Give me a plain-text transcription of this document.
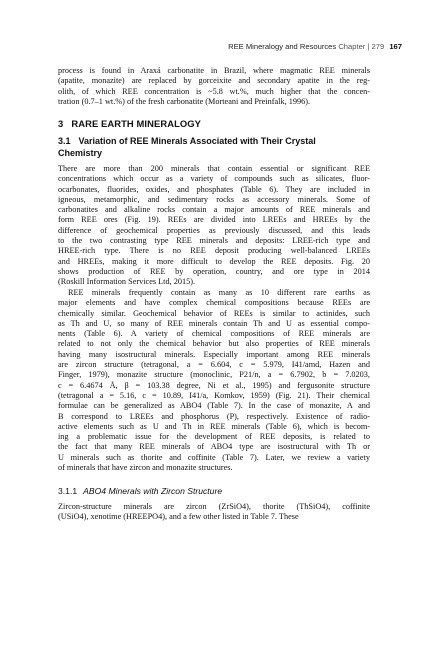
REE Mineralogy and Resources Chapter | 279 167

process is found in Araxá carbonatite in Brazil, where magmatic REE minerals
(apatite, monazite) are replaced by gorceixite and secondary apatite in the reg-
olith, of which REE concentration is ~5.8 wt.%, much higher that the concen-
tration (0.7–1 wt.%) of the fresh carbonatite (Morteani and Preinfalk, 1996).

3 RARE EARTH MINERALOGY

3.1 Variation of REE Minerals Associated with Their Crystal
Chemistry

There are more than 200 minerals that contain essential or significant REE
concentrations which occur as a variety of compounds such as silicates, fluor-
ocarbonates, fluorides, oxides, and phosphates (Table 6). They are included in
igneous, metamorphic, and sedimentary rocks as accessory minerals. Some of
carbonatites and alkaline rocks contain a major amounts of REE minerals and
form REE ores (Fig. 19). REEs are divided into LREEs and HREEs by the
difference of geochemical properties as previously discussed, and this leads
to the two contrasting type REE minerals and deposits: LREE-rich type and
HREE-rich type. There is no REE deposit producing well-balanced LREEs
and HREEs, making it more difficult to develop the REE deposits. Fig. 20
shows production of REE by operation, country, and ore type in 2014
(Roskill Information Services Ltd, 2015).

REE minerals frequently contain as many as 10 different rare earths as
major elements and have complex chemical compositions because REEs are
chemically similar. Geochemical behavior of REEs is similar to actinides, such
as Th and U, so many of REE minerals contain Th and U as essential compo-
nents (Table 6). A variety of chemical compositions of REE minerals are
related to not only the chemical behavior but also properties of REE minerals
having many isostructural minerals. Especially important among REE minerals
are zircon structure (tetragonal, a = 6.604, c = 5.979, I41/amd, Hazen and
Finger, 1979), monazite structure (monoclinic, P21/n, a = 6.7902, b = 7.0203,
c = 6.4674 Å, β = 103.38 degree, Ni et al., 1995) and fergusonite structure
(tetragonal a = 5.16, c = 10.89, I41/a, Komkov, 1959) (Fig. 21). Their chemical
formulae can be generalized as ABO4 (Table 7). In the case of monazite, A and
B correspond to LREEs and phosphorus (P), respectively. Existence of radio-
active elements such as U and Th in REE minerals (Table 6), which is becom-
ing a problematic issue for the development of REE deposits, is related to
the fact that many REE minerals of ABO4 type are isostructural with Th or
U minerals such as thorite and coffinite (Table 7). Later, we review a variety
of minerals that have zircon and monazite structures.

3.1.1 ABO4 Minerals with Zircon Structure

Zircon-structure minerals are zircon (ZrSiO4), thorite (ThSiO4), coffinite
(USiO4), xenotime (HREEPO4), and a few other listed in Table 7. These
